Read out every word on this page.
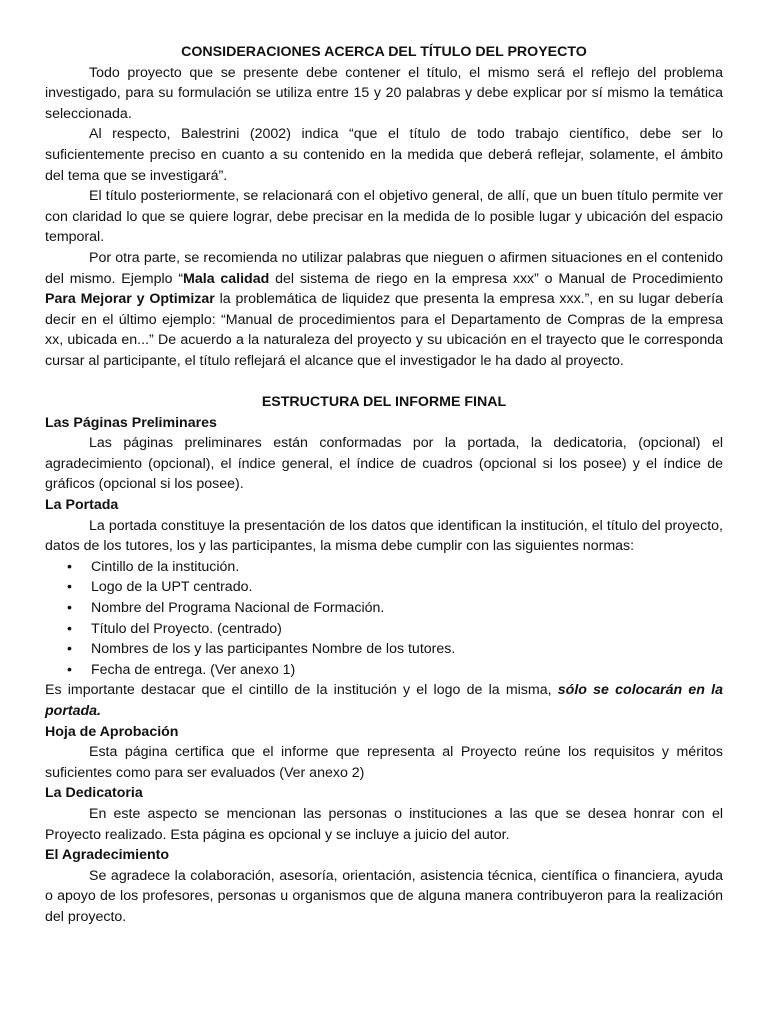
CONSIDERACIONES ACERCA DEL TÍTULO DEL PROYECTO

Todo proyecto que se presente debe contener el título, el mismo será el reflejo del problema investigado, para su formulación se utiliza entre 15 y 20 palabras y debe explicar por sí mismo la temática seleccionada.

Al respecto, Balestrini (2002) indica “que el título de todo trabajo científico, debe ser lo suficientemente preciso en cuanto a su contenido en la medida que deberá reflejar, solamente, el ámbito del tema que se investigará”.

El título posteriormente, se relacionará con el objetivo general, de allí, que un buen título permite ver con claridad lo que se quiere lograr, debe precisar en la medida de lo posible lugar y ubicación del espacio temporal.

Por otra parte, se recomienda no utilizar palabras que nieguen o afirmen situaciones en el contenido del mismo. Ejemplo “Mala calidad del sistema de riego en la empresa xxx” o Manual de Procedimiento Para Mejorar y Optimizar la problemática de liquidez que presenta la empresa xxx.”, en su lugar debería decir en el último ejemplo: “Manual de procedimientos para el Departamento de Compras de la empresa xx, ubicada en...” De acuerdo a la naturaleza del proyecto y su ubicación en el trayecto que le corresponda cursar al participante, el título reflejará el alcance que el investigador le ha dado al proyecto.

ESTRUCTURA DEL INFORME FINAL

Las Páginas Preliminares

Las páginas preliminares están conformadas por la portada, la dedicatoria, (opcional) el agradecimiento (opcional), el índice general, el índice de cuadros (opcional si los posee) y el índice de gráficos (opcional si los posee).

La Portada

La portada constituye la presentación de los datos que identifican la institución, el título del proyecto, datos de los tutores, los y las participantes, la misma debe cumplir con las siguientes normas:

• Cintillo de la institución.
• Logo de la UPT centrado.
• Nombre del Programa Nacional de Formación.
• Título del Proyecto. (centrado)
• Nombres de los y las participantes Nombre de los tutores.
• Fecha de entrega. (Ver anexo 1)

Es importante destacar que el cintillo de la institución y el logo de la misma, sólo se colocarán en la portada.

Hoja de Aprobación

Esta página certifica que el informe que representa al Proyecto reúne los requisitos y méritos suficientes como para ser evaluados (Ver anexo 2)

La Dedicatoria

En este aspecto se mencionan las personas o instituciones a las que se desea honrar con el Proyecto realizado. Esta página es opcional y se incluye a juicio del autor.

El Agradecimiento

Se agradece la colaboración, asesoría, orientación, asistencia técnica, científica o financiera, ayuda o apoyo de los profesores, personas u organismos que de alguna manera contribuyeron para la realización del proyecto.
